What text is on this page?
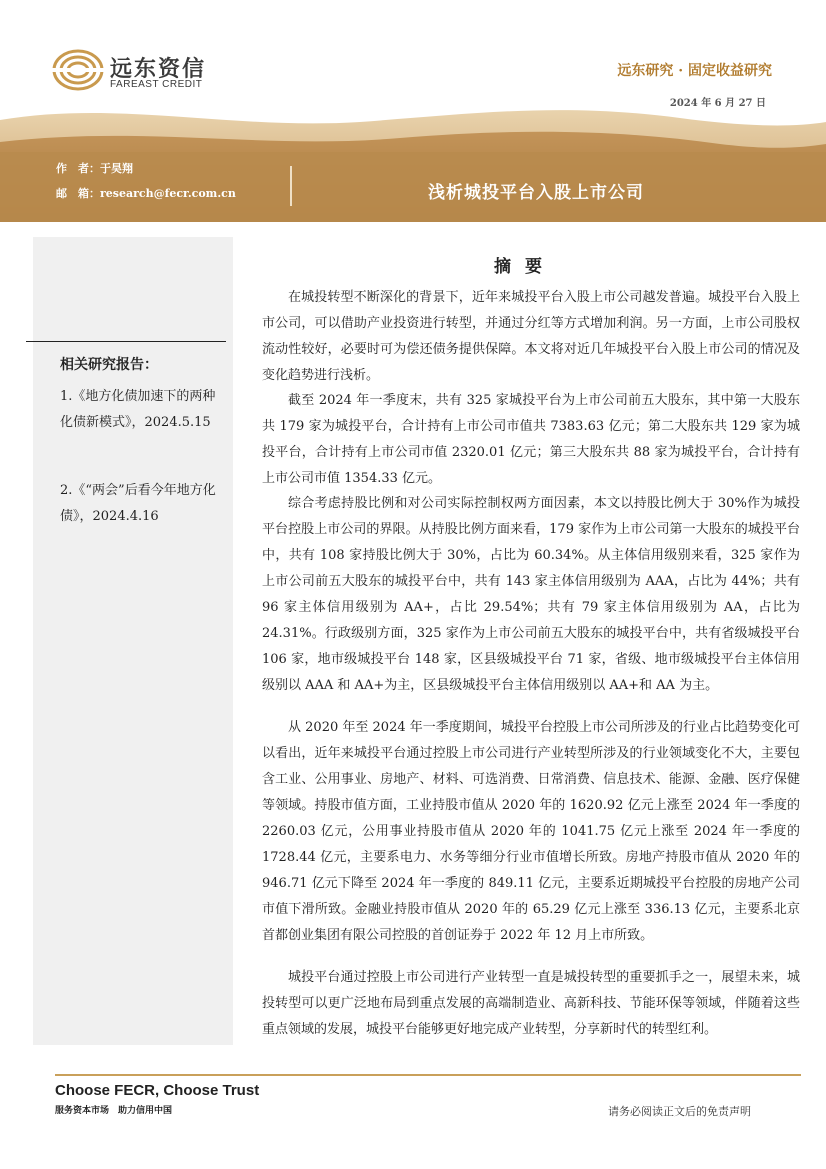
远东资信
FAREAST CREDIT
远东研究 · 固定收益研究
2024 年 6 月 27 日
作　者：于昊翔
邮　箱：research@fecr.com.cn	浅析城投平台入股上市公司
相关研究报告：
1.《地方化债加速下的两种化债新模式》，2024.5.15
2.《“两会”后看今年地方化债》，2024.4.16
摘要

在城投转型不断深化的背景下，近年来城投平台入股上市公司越发普遍。城投平台入股上市公司，可以借助产业投资进行转型，并通过分红等方式增加利润。另一方面，上市公司股权流动性较好，必要时可为偿还债务提供保障。本文将对近几年城投平台入股上市公司的情况及变化趋势进行浅析。

截至 2024 年一季度末，共有 325 家城投平台为上市公司前五大股东，其中第一大股东共 179 家为城投平台，合计持有上市公司市值共 7383.63 亿元；第二大股东共 129 家为城投平台，合计持有上市公司市值 2320.01 亿元；第三大股东共 88 家为城投平台，合计持有上市公司市值 1354.33 亿元。

综合考虑持股比例和对公司实际控制权两方面因素，本文以持股比例大于 30%作为城投平台控股上市公司的界限。从持股比例方面来看，179 家作为上市公司第一大股东的城投平台中，共有 108 家持股比例大于 30%，占比为 60.34%。从主体信用级别来看，325 家作为上市公司前五大股东的城投平台中，共有 143 家主体信用级别为 AAA，占比为 44%；共有 96 家主体信用级别为 AA+，占比 29.54%；共有 79 家主体信用级别为 AA，占比为 24.31%。行政级别方面，325 家作为上市公司前五大股东的城投平台中，共有省级城投平台 106 家，地市级城投平台 148 家，区县级城投平台 71 家，省级、地市级城投平台主体信用级别以 AAA 和 AA+为主，区县级城投平台主体信用级别以 AA+和 AA 为主。

从 2020 年至 2024 年一季度期间，城投平台控股上市公司所涉及的行业占比趋势变化可以看出，近年来城投平台通过控股上市公司进行产业转型所涉及的行业领域变化不大，主要包含工业、公用事业、房地产、材料、可选消费、日常消费、信息技术、能源、金融、医疗保健等领域。持股市值方面，工业持股市值从 2020 年的 1620.92 亿元上涨至 2024 年一季度的 2260.03 亿元，公用事业持股市值从 2020 年的 1041.75 亿元上涨至 2024 年一季度的 1728.44 亿元，主要系电力、水务等细分行业市值增长所致。房地产持股市值从 2020 年的 946.71 亿元下降至 2024 年一季度的 849.11 亿元，主要系近期城投平台控股的房地产公司市值下滑所致。金融业持股市值从 2020 年的 65.29 亿元上涨至 336.13 亿元，主要系北京首都创业集团有限公司控股的首创证券于 2022 年 12 月上市所致。

城投平台通过控股上市公司进行产业转型一直是城投转型的重要抓手之一，展望未来，城投转型可以更广泛地布局到重点发展的高端制造业、高新科技、节能环保等领域，伴随着这些重点领域的发展，城投平台能够更好地完成产业转型，分享新时代的转型红利。

Choose FECR, Choose Trust
服务资本市场　助力信用中国	请务必阅读正文后的免责声明
